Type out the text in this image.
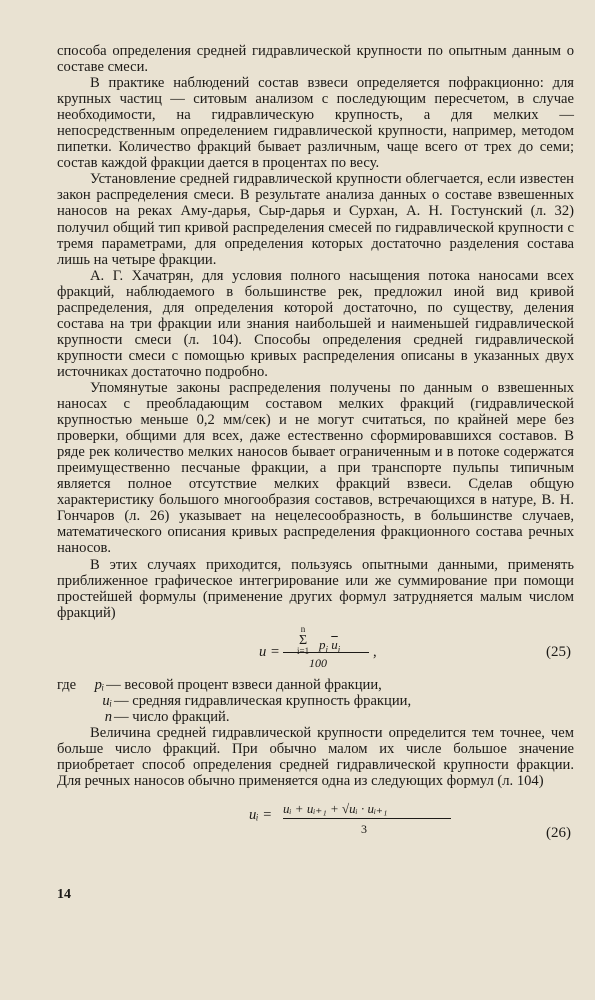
способа определения средней гидравлической крупности по опытным данным о составе смеси.

В практике наблюдений состав взвеси определяется пофракционно: для крупных частиц — ситовым анализом с последующим пересчетом, в случае необходимости, на гидравлическую крупность, а для мелких — непосредственным определением гидравлической крупности, например, методом пипетки. Количество фракций бывает различным, чаще всего от трех до семи; состав каждой фракции дается в процентах по весу.

Установление средней гидравлической крупности облегчается, если известен закон распределения смеси. В результате анализа данных о составе взвешенных наносов на реках Аму-дарья, Сыр-дарья и Сурхан, А. Н. Гостунский (л. 32) получил общий тип кривой распределения смесей по гидравлической крупности с тремя параметрами, для определения которых достаточно разделения состава лишь на четыре фракции.

А. Г. Хачатрян, для условия полного насыщения потока наносами всех фракций, наблюдаемого в большинстве рек, предложил иной вид кривой распределения, для определения которой достаточно, по существу, деления состава на три фракции или знания наибольшей и наименьшей гидравлической крупности смеси (л. 104). Способы определения средней гидравлической крупности смеси с помощью кривых распределения описаны в указанных двух источниках достаточно подробно.

Упомянутые законы распределения получены по данным о взвешенных наносах с преобладающим составом мелких фракций (гидравлической крупностью меньше 0,2 мм/сек) и не могут считаться, по крайней мере без проверки, общими для всех, даже естественно сформировавшихся составов. В ряде рек количество мелких наносов бывает ограниченным и в потоке содержатся преимущественно песчаные фракции, а при транспорте пульпы типичным является полное отсутствие мелких фракций взвеси. Сделав общую характеристику большого многообразия составов, встречающихся в натуре, В. Н. Гончаров (л. 26) указывает на нецелесообразность, в большинстве случаев, математического описания кривых распределения фракционного состава речных наносов.

В этих случаях приходится, пользуясь опытными данными, применять приближенное графическое интегрирование или же суммирование при помощи простейшей формулы (применение других формул затрудняется малым числом фракций)

u =
n
Σ
i=1 $p_i$ $\overline{u}_i$
100
,	(25)
где	pᵢ — весовой процент взвеси данной фракции,
uᵢ — средняя гидравлическая крупность фракции,
n — число фракций.

Величина средней гидравлической крупности определится тем точнее, чем больше число фракций. При обычно малом их числе большое значение приобретает способ определения средней гидравлической крупности фракции. Для речных наносов обычно применяется одна из следующих формул (л. 104)

uᵢ = uᵢ + uᵢ₊₁ + √uᵢ · uᵢ₊₁
3	(26)
14
